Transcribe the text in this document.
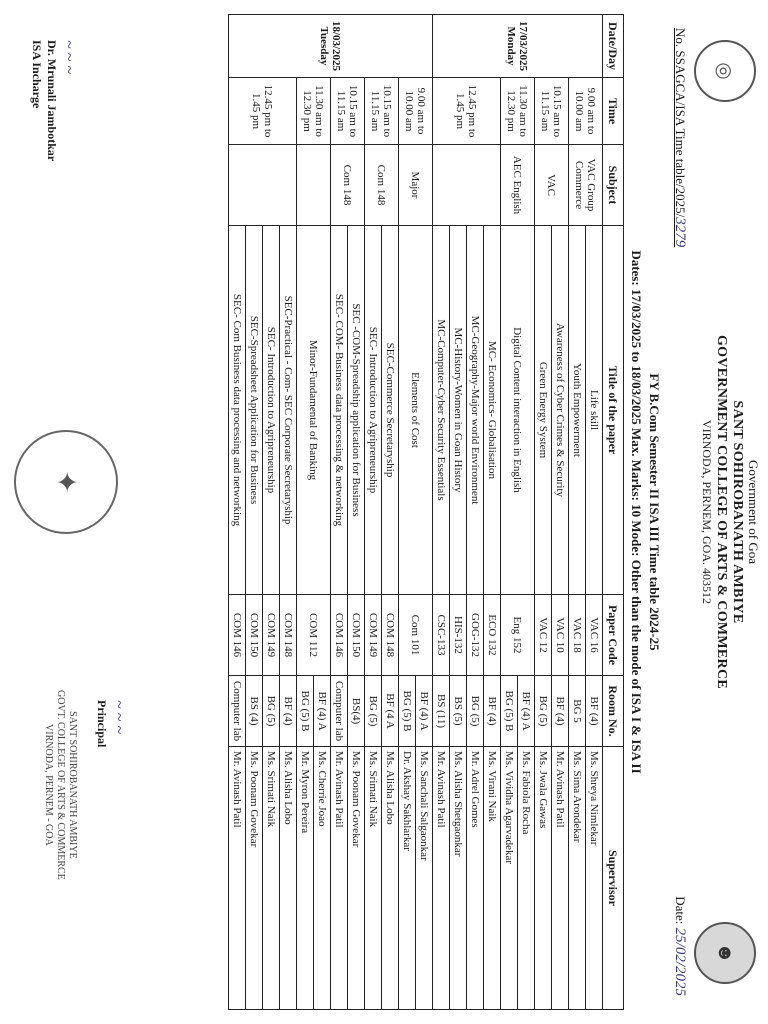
◎
☻
Government of Goa
SANT SOHIROBANATH AMBIYE
GOVERNMENT COLLEGE OF ARTS & COMMERCE
VIRNODA, PERNEM, GOA. 403512
No. SSAGCA/ISA Time table/2025/3279
Date: 25/02/2025
FY B.Com Semester II ISA III Time table 2024-25
Dates: 17/03/2025 to 18/03/2025 Max. Marks: 10 Mode: Other than the mode of ISA I & ISA II
Date/Day	Time	Subject	Title of the paper	Paper Code	Room No.	Supervisor

17/03/2025
Monday	9.00 am to 10.00 am	VAC Group Commerce	Life skill	VAC 16	BF (4)	Ms. Shreya Nimlekar
			Youth Empowerment	VAC 18	BG 5	Ms. Sima Arondekar
	10.15 am to 11.15 am	VAC	Awareness of Cyber Crimes & Security	VAC 10	BF (4)	Mr. Avinash Patil
			Green Energy System	VAC 12	BG (5)	Ms. Jwala Gawas
	11.30 am to 12.30 pm	AEC English	Digital Content interaction in English	Eng 152	BF (4) A	Ms. Fabiola Rocha
					BG (5) B	Ms. Vividha Agarvadekar
	12.45 pm to 1.45 pm		MC- Economics- Globalisation	ECO 132	BF (4)	Ms. Virani Naik
			MC-Geography-Major world Environment	GOG-132	BG (5)	Mr. Adrel Gomes
			MC-History-Women in Goan History	HIS-132	BS (5)	Ms. Alisha Shetgaonkar
			MC-Computer-Cyber Security Essentials	CSC-133	BS (11)	Mr. Avinash Patil

18/03/2025
Tuesday	9.00 am to 10.00 am	Major	Elements of Cost	Com 101	BF (4) A	Ms. Sanchali Salgaonkar
					BG (5) B	Dr. Akshay Sakhlarkar
	10.15 am to 11.15 am	Com 148	SEC-Commerce Secretaryship	COM 148	BF (4 A	Ms. Alisha Lobo
			SEC- Introduction to Agripreneurship	COM 149	BG (5)	Ms. Srimati Naik
	10.15 am to 11.15 am	Com 148	SEC -COM-Spreadship application for Business	COM 150	BS(4)	Ms. Poonam Govekar
			SEC- COM- Business data processing & networking	COM 146	Computer lab	Mr. Avinash Patil
	11.30 am to 12.30 pm		Minor-Fundamental of Banking	COM 112	BF (4) A	Ms. Cherrie Joao
					BG (5) B	Mr. Myron Pereira
	12.45 pm to 1.45 pm		SEC-Practical - Com- SEC Corporate Secretaryship	COM 148	BF (4)	Ms. Alisha Lobo
			SEC- Introduction to Agripreneurship	COM 149	BG (5)	Ms. Srimati Naik
			SEC-Spreadsheet Application for Business	COM 150	BS (4)	Ms. Poonam Govekar
			SEC- Com Business data processing and networking	COM 146	Computer lab	Mr. Avinash Patil
~ ~ ~
Dr. Mrunali Jambotkar
ISA Incharge
✦
~ ~ ~
Principal
SANT SOHIROBANATH AMBIYE
GOVT. COLLEGE OF ARTS & COMMERCE
VIRNODA, PERNEM - GOA
